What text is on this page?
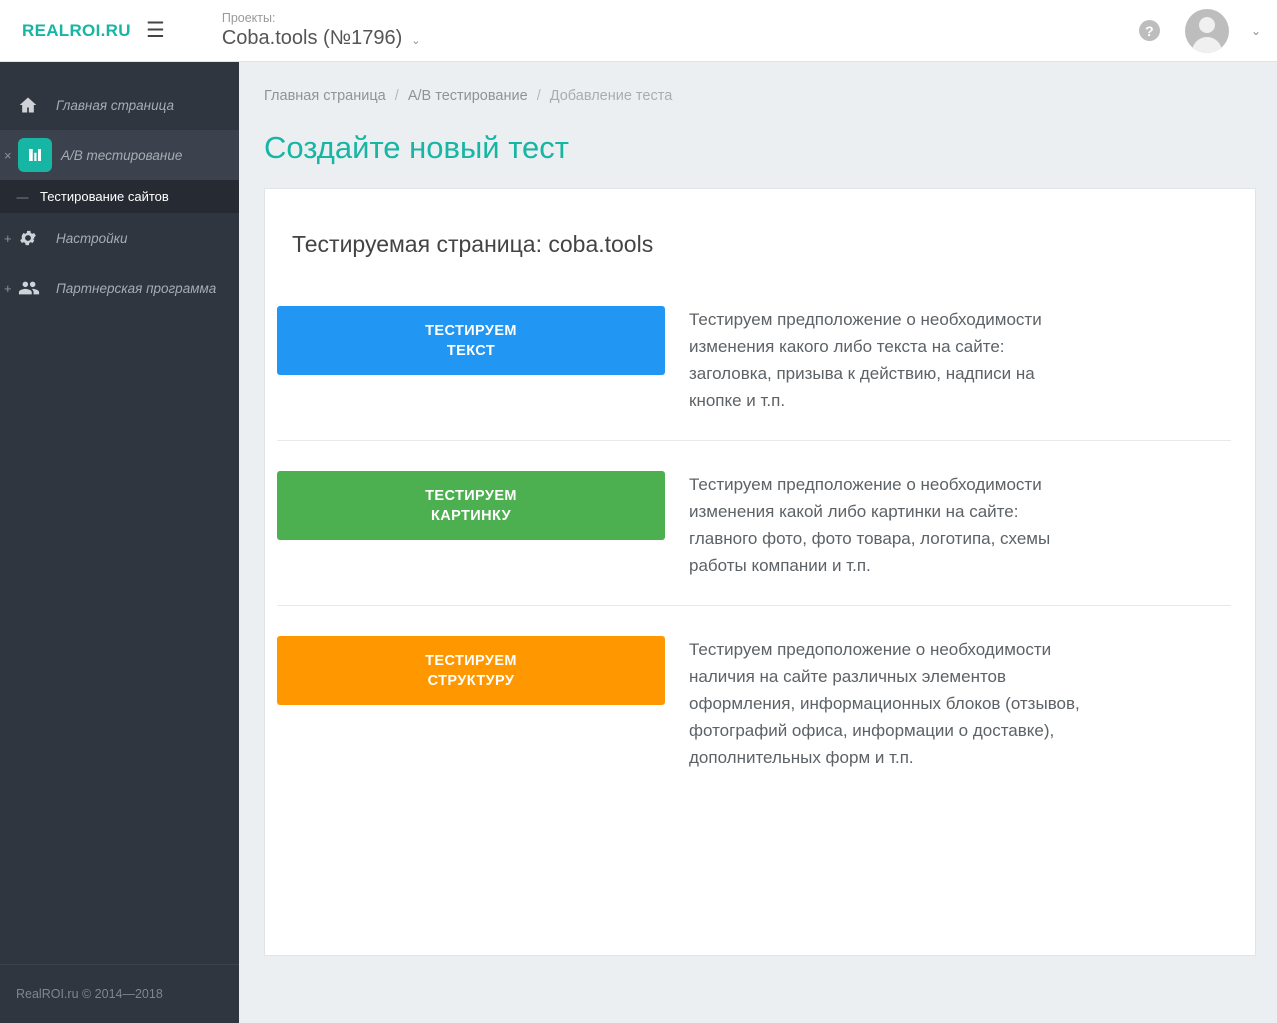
REALROI.RU ☰
Проекты:
Coba.tools (№1796) ⌄
?	⌄
Главная страница
×	A/B тестирование
---- Тестирование сайтов
+	Настройки
+	Партнерская программа
RealROI.ru © 2014—2018
Главная страница / A/B тестирование / Добавление теста
Создайте новый тест
Тестируемая страница: coba.tools
ТЕСТИРУЕМ
ТЕКСТ
Тестируем предположение о необходимости изменения какого либо текста на сайте: заголовка, призыва к действию, надписи на кнопке и т.п.
ТЕСТИРУЕМ
КАРТИНКУ
Тестируем предположение о необходимости изменения какой либо картинки на сайте: главного фото, фото товара, логотипа, схемы работы компании и т.п.
ТЕСТИРУЕМ
СТРУКТУРУ
Тестируем предоположение о необходимости наличия на сайте различных элементов оформления, информационных блоков (отзывов, фотографий офиса, информации о доставке), дополнительных форм и т.п.
